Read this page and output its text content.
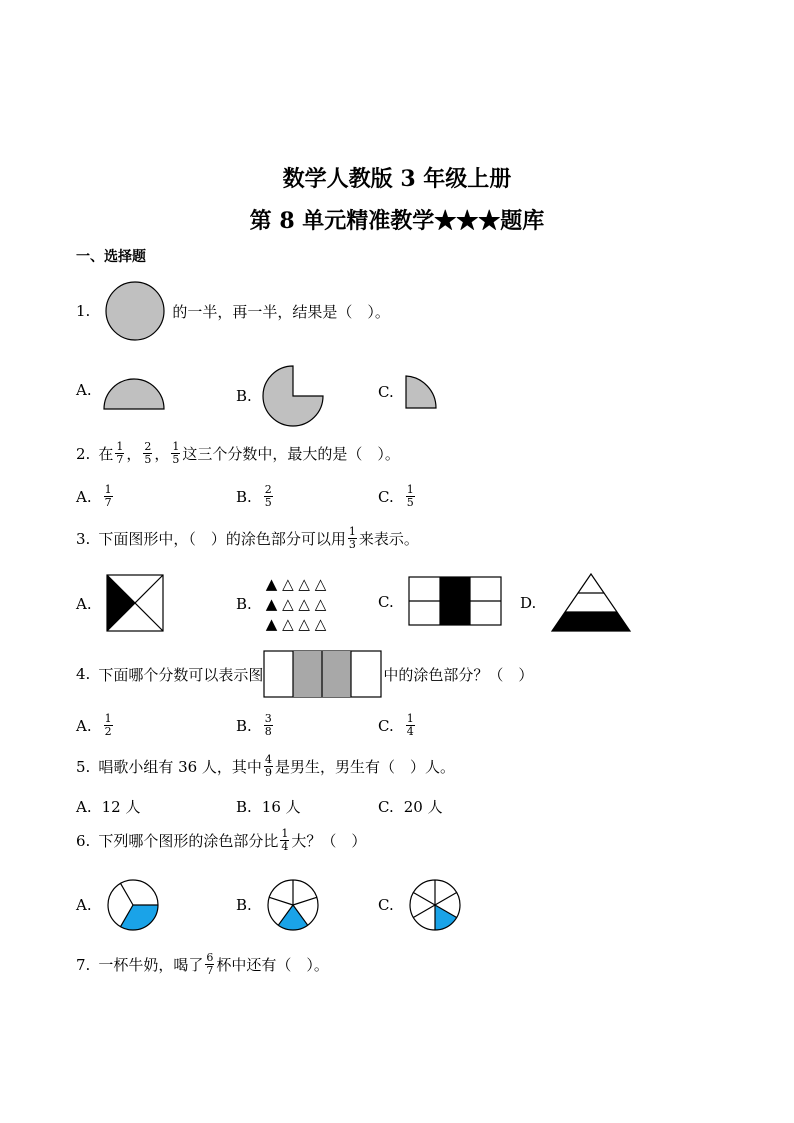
数学人教版 3 年级上册
第 8 单元精准教学★★★题库
一、选择题
1.	的一半，再一半，结果是（　）。
A.	B.	C.
2. 在 $\frac{1}{7}$ ， $\frac{2}{5}$ ， $\frac{1}{5}$ 这三个分数中，最大的是（　）。
A. $\frac{1}{7}$	B. $\frac{2}{5}$	C. $\frac{1}{5}$
3. 下面图形中，（　）的涂色部分可以用 $\frac{1}{3}$ 来表示。
A.	B.
▲ △ △ △
▲ △ △ △
▲ △ △ △
C.	D.
4. 下面哪个分数可以表示图	中的涂色部分？（　）
A. $\frac{1}{2}$	B. $\frac{3}{8}$	C. $\frac{1}{4}$
5. 唱歌小组有 36 人，其中 $\frac{4}{9}$ 是男生，男生有（　）人。
A. 12 人	B. 16 人	C. 20 人
6. 下列哪个图形的涂色部分比 $\frac{1}{4}$ 大？（　）
A.	B.	C.
7. 一杯牛奶，喝了 $\frac{6}{7}$ 杯中还有（　）。
